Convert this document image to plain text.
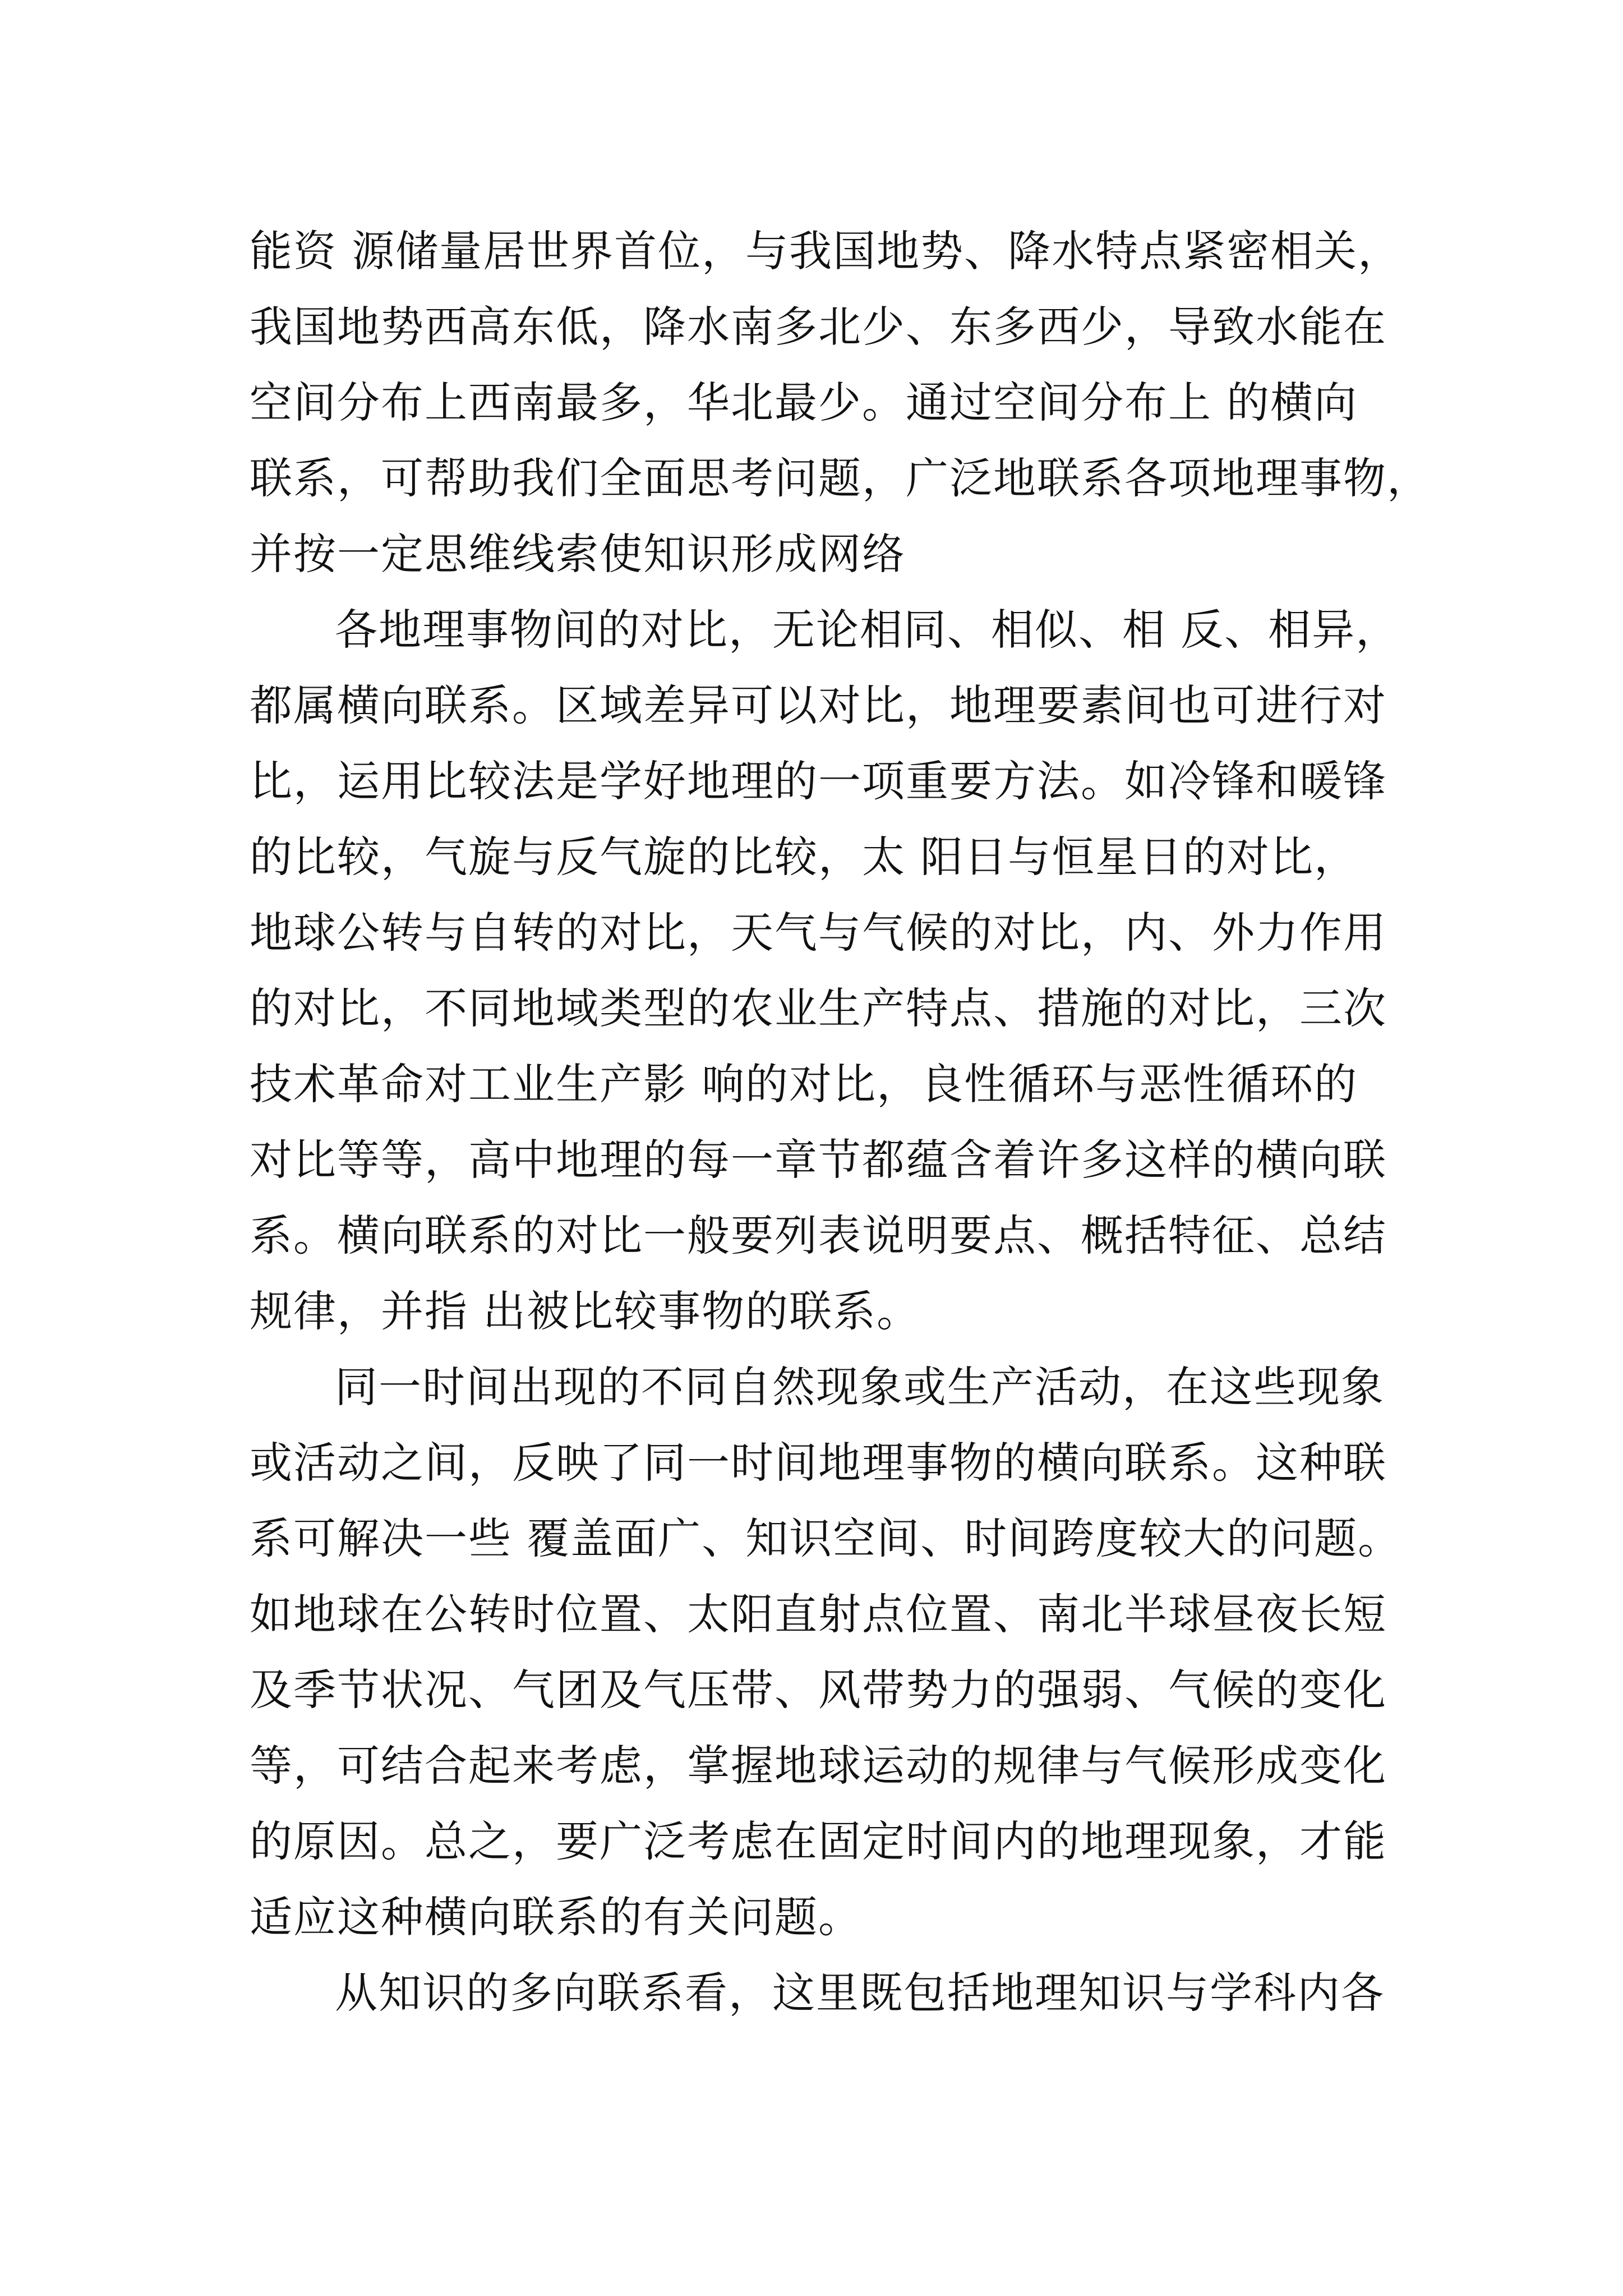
能资 源储量居世界首位，与我国地势、降水特点紧密相关，
我国地势西高东低，降水南多北少、东多西少，导致水能在
空间分布上西南最多，华北最少。通过空间分布上 的横向
联系，可帮助我们全面思考问题，广泛地联系各项地理事物，
并按一定思维线索使知识形成网络
各地理事物间的对比，无论相同、相似、相 反、相异，
都属横向联系。区域差异可以对比，地理要素间也可进行对
比，运用比较法是学好地理的一项重要方法。如冷锋和暖锋
的比较，气旋与反气旋的比较，太 阳日与恒星日的对比，
地球公转与自转的对比，天气与气候的对比，内、外力作用
的对比，不同地域类型的农业生产特点、措施的对比，三次
技术革命对工业生产影 响的对比，良性循环与恶性循环的
对比等等，高中地理的每一章节都蕴含着许多这样的横向联
系。横向联系的对比一般要列表说明要点、概括特征、总结
规律，并指 出被比较事物的联系。
同一时间出现的不同自然现象或生产活动，在这些现象
或活动之间，反映了同一时间地理事物的横向联系。这种联
系可解决一些 覆盖面广、知识空间、时间跨度较大的问题。
如地球在公转时位置、太阳直射点位置、南北半球昼夜长短
及季节状况、气团及气压带、风带势力的强弱、气候的变化
等，可结合起来考虑，掌握地球运动的规律与气候形成变化
的原因。总之，要广泛考虑在固定时间内的地理现象，才能
适应这种横向联系的有关问题。
从知识的多向联系看，这里既包括地理知识与学科内各
